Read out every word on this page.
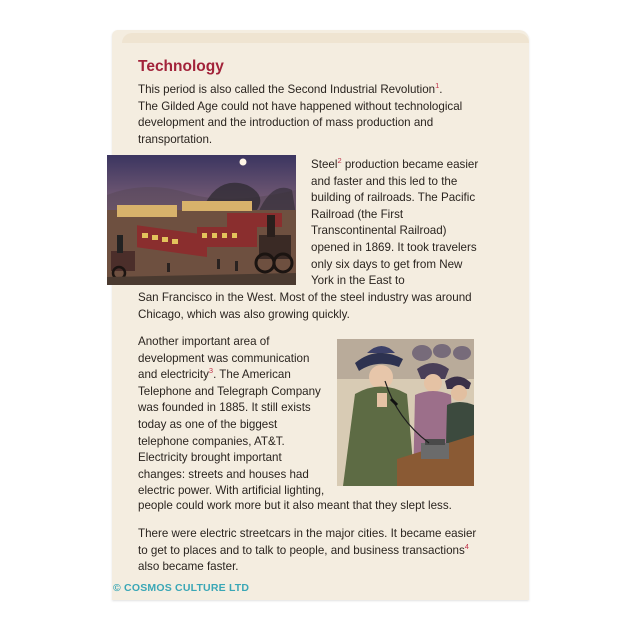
Technology

This period is also called the Second Industrial Revolution$^1$.
The Gilded Age could not have happened without technological development and the introduction of mass production and transportation.

Steel$^2$ production became easier and faster and this led to the building of railroads. The Pacific Railroad (the First Transcontinental Railroad) opened in 1869. It took travelers only six days to get from New York in the East to

San Francisco in the West. Most of the steel industry was around Chicago, which was also growing quickly.

Another important area of development was communication and electricity$^3$. The American Telephone and Telegraph Company was founded in 1885. It still exists today as one of the biggest telephone companies, AT&T. Electricity brought important changes: streets and houses had electric power. With artificial lighting,

people could work more but it also meant that they slept less.

There were electric streetcars in the major cities. It became easier to get to places and to talk to people, and business transactions$^4$ also became faster.

© COSMOS CULTURE LTD
